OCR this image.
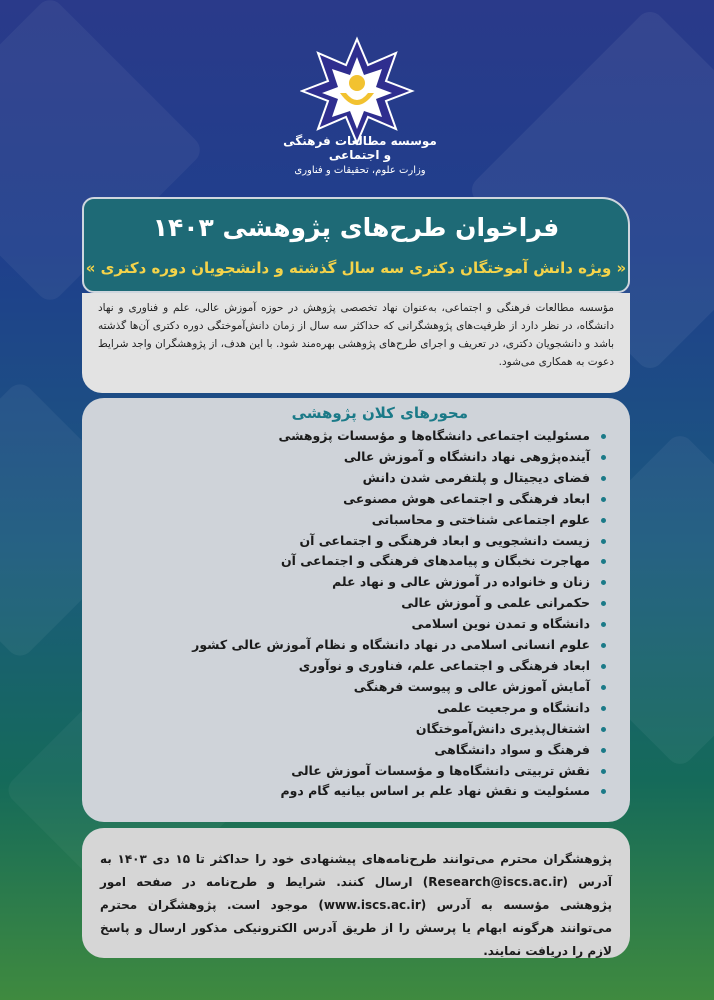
موسسه مطالعات فرهنگی و اجتماعی
وزارت علوم، تحقیقات و فناوری
فراخوان طرح‌های پژوهشی ۱۴۰۳
« ویژه دانش آموختگان دکتری سه سال گذشته و دانشجویان دوره دکتری »

مؤسسه مطالعات فرهنگی و اجتماعی، به‌عنوان نهاد تخصصی پژوهش در حوزه آموزش عالی، علم و فناوری و نهاد دانشگاه، در نظر دارد از ظرفیت‌های پژوهشگرانی که حداکثر سه سال از زمان دانش‌آموختگی دوره دکتری آن‌ها گذشته باشد و دانشجویان دکتری، در تعریف و اجرای طرح‌های پژوهشی بهره‌مند شود. با این هدف، از پژوهشگران واجد شرایط دعوت به همکاری می‌شود.

محورهای کلان پژوهشی
مسئولیت اجتماعی دانشگاه‌ها و مؤسسات پژوهشی
آینده‌پژوهی نهاد دانشگاه و آموزش عالی
فضای دیجیتال و پلتفرمی شدن دانش
ابعاد فرهنگی و اجتماعی هوش مصنوعی
علوم اجتماعی شناختی و محاسباتی
زیست دانشجویی و ابعاد فرهنگی و اجتماعی آن
مهاجرت نخبگان و پیامدهای فرهنگی و اجتماعی آن
زنان و خانواده در آموزش عالی و نهاد علم
حکمرانی علمی و آموزش عالی
دانشگاه و تمدن نوین اسلامی
علوم انسانی اسلامی در نهاد دانشگاه و نظام آموزش عالی کشور
ابعاد فرهنگی و اجتماعی علم، فناوری و نوآوری
آمایش آموزش عالی و پیوست فرهنگی
دانشگاه و مرجعیت علمی
اشتغال‌پذیری دانش‌آموختگان
فرهنگ و سواد دانشگاهی
نقش تربیتی دانشگاه‌ها و مؤسسات آموزش عالی
مسئولیت و نقش نهاد علم بر اساس بیانیه گام دوم

پژوهشگران محترم می‌توانند طرح‌نامه‌های پیشنهادی خود را حداکثر تا ۱۵ دی ۱۴۰۳ به آدرس (Research@iscs.ac.ir) ارسال کنند. شرایط و طرح‌نامه در صفحه امور پژوهشی مؤسسه به آدرس (www.iscs.ac.ir) موجود است. پژوهشگران محترم می‌توانند هرگونه ابهام یا پرسش را از طریق آدرس الکترونیکی مذکور ارسال و پاسخ لازم را دریافت نمایند.
